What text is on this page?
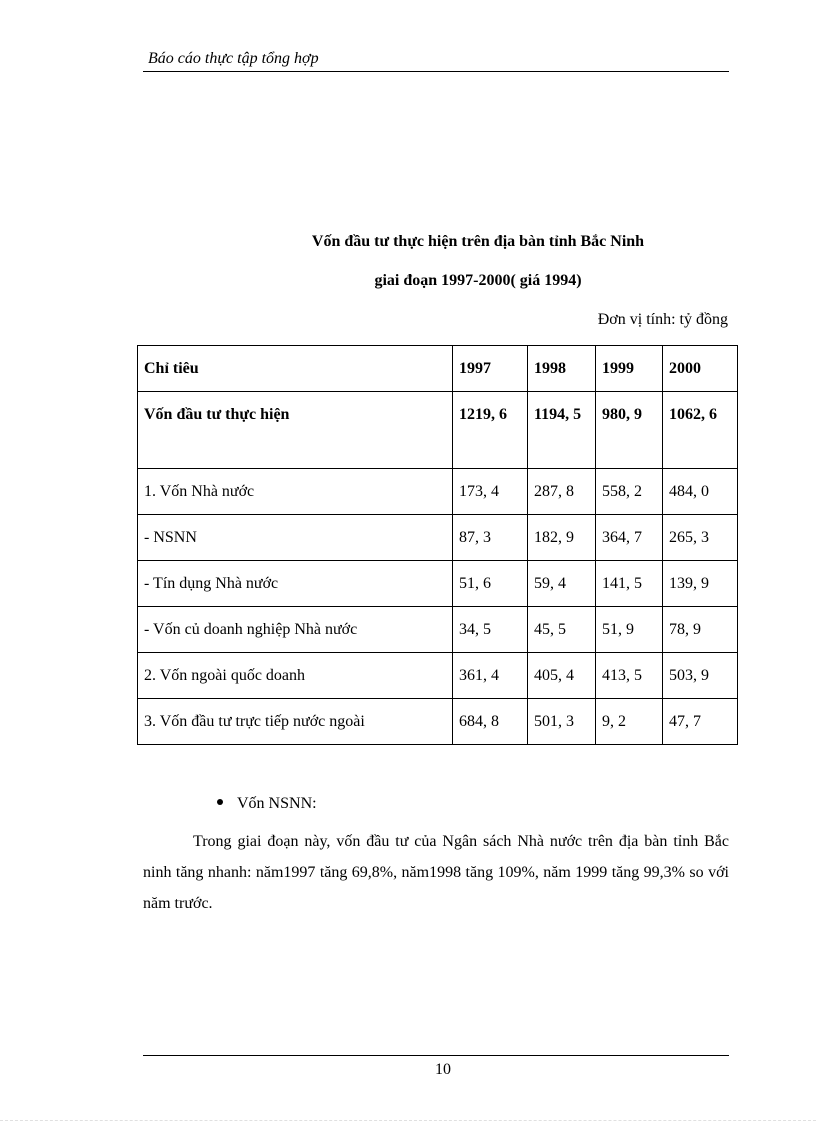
Báo cáo thực tập tổng hợp
Vốn đầu tư thực hiện trên địa bàn tỉnh Bắc Ninh
giai đoạn 1997-2000( giá 1994)
Đơn vị tính: tỷ đồng
Chỉ tiêu	1997	1998	1999	2000
Vốn đầu tư thực hiện	1219, 6	1194, 5	980, 9	1062, 6
1. Vốn Nhà nước	173, 4	287, 8	558, 2	484, 0
- NSNN	87, 3	182, 9	364, 7	265, 3
- Tín dụng Nhà nước	51, 6	59, 4	141, 5	139, 9
- Vốn củ doanh nghiệp Nhà nước	34, 5	45, 5	51, 9	78, 9
2. Vốn ngoài quốc doanh	361, 4	405, 4	413, 5	503, 9
3. Vốn đầu tư trực tiếp nước ngoài	684, 8	501, 3	9, 2	47, 7
Vốn NSNN:
Trong giai đoạn này, vốn đầu tư của Ngân sách Nhà nước trên địa bàn tỉnh Bắc ninh tăng nhanh: năm1997 tăng 69,8%, năm1998 tăng 109%, năm 1999 tăng 99,3% so với năm trước.
10
